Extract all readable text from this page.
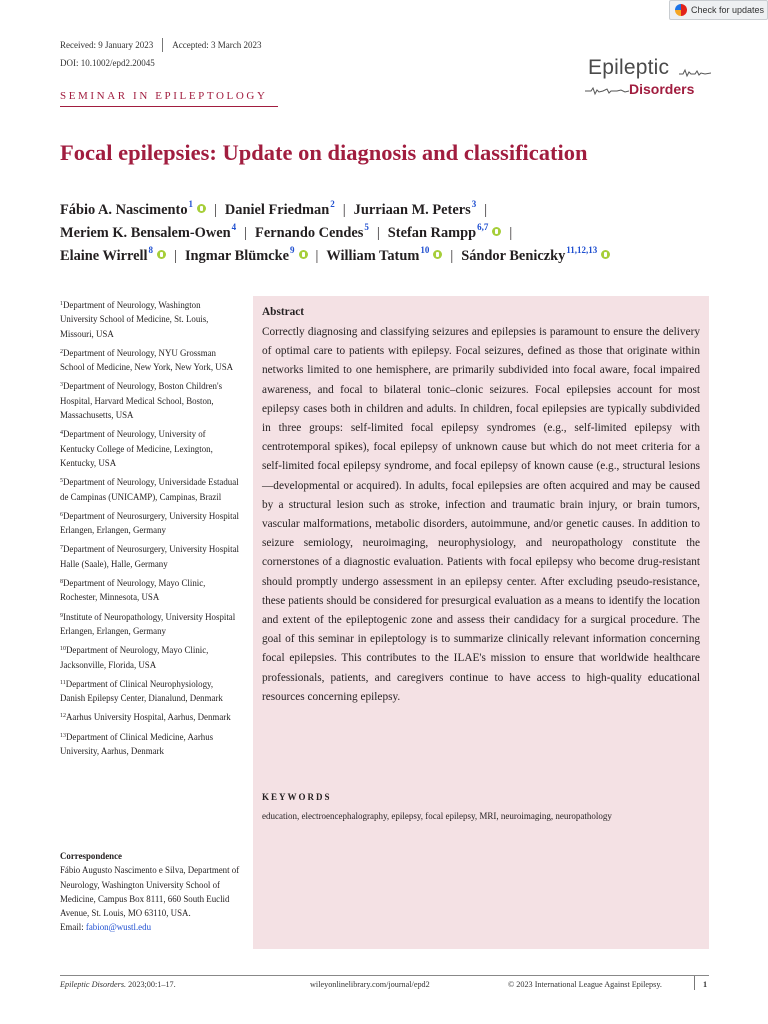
Check for updates
Received: 9 January 2023 Accepted: 3 March 2023
DOI: 10.1002/epd2.20045	Epileptic
Disorders
SEMINAR IN EPILEPTOLOGY
Focal epilepsies: Update on diagnosis and classification
Fábio A. Nascimento$^1$ | Daniel Friedman$^2$ | Jurriaan M. Peters$^3$ |
Meriem K. Bensalem-Owen$^4$ | Fernando Cendes$^5$ | Stefan Rampp$^{6,7}$ |
Elaine Wirrell$^8$ | Ingmar Blümcke$^9$ | William Tatum$^{10}$ | Sándor Beniczky$^{11,12,13}$
$^1$Department of Neurology, Washington University School of Medicine, St. Louis, Missouri, USA
$^2$Department of Neurology, NYU Grossman School of Medicine, New York, New York, USA
$^3$Department of Neurology, Boston Children's Hospital, Harvard Medical School, Boston, Massachusetts, USA
$^4$Department of Neurology, University of Kentucky College of Medicine, Lexington, Kentucky, USA
$^5$Department of Neurology, Universidade Estadual de Campinas (UNICAMP), Campinas, Brazil
$^6$Department of Neurosurgery, University Hospital Erlangen, Erlangen, Germany
$^7$Department of Neurosurgery, University Hospital Halle (Saale), Halle, Germany
$^8$Department of Neurology, Mayo Clinic, Rochester, Minnesota, USA
$^9$Institute of Neuropathology, University Hospital Erlangen, Erlangen, Germany
$^{10}$Department of Neurology, Mayo Clinic, Jacksonville, Florida, USA
$^{11}$Department of Clinical Neurophysiology, Danish Epilepsy Center, Dianalund, Denmark
$^{12}$Aarhus University Hospital, Aarhus, Denmark
$^{13}$Department of Clinical Medicine, Aarhus University, Aarhus, Denmark
Correspondence
Fábio Augusto Nascimento e Silva, Department of Neurology, Washington University School of Medicine, Campus Box 8111, 660 South Euclid Avenue, St. Louis, MO 63110, USA.
Email: fabion@wustl.edu
Abstract
Correctly diagnosing and classifying seizures and epilepsies is paramount to ensure the delivery of optimal care to patients with epilepsy. Focal seizures, defined as those that originate within networks limited to one hemisphere, are primarily subdivided into focal aware, focal impaired awareness, and focal to bilateral tonic–clonic seizures. Focal epilepsies account for most epilepsy cases both in children and adults. In children, focal epilepsies are typically subdivided in three groups: self-limited focal epilepsy syndromes (e.g., self-limited epilepsy with centrotemporal spikes), focal epilepsy of unknown cause but which do not meet criteria for a self-limited focal epilepsy syndrome, and focal epilepsy of known cause (e.g., structural lesions—developmental or acquired). In adults, focal epilepsies are often acquired and may be caused by a structural lesion such as stroke, infection and traumatic brain injury, or brain tumors, vascular malformations, metabolic disorders, autoimmune, and/or genetic causes. In addition to seizure semiology, neuroimaging, neurophysiology, and neuropathology constitute the cornerstones of a diagnostic evaluation. Patients with focal epilepsy who become drug-resistant should promptly undergo assessment in an epilepsy center. After excluding pseudo-resistance, these patients should be considered for presurgical evaluation as a means to identify the location and extent of the epileptogenic zone and assess their candidacy for a surgical procedure. The goal of this seminar in epileptology is to summarize clinically relevant information concerning focal epilepsies. This contributes to the ILAE's mission to ensure that worldwide healthcare professionals, patients, and caregivers continue to have access to high-quality educational resources concerning epilepsy.
KEYWORDS
education, electroencephalography, epilepsy, focal epilepsy, MRI, neuroimaging, neuropathology
Epileptic Disorders. 2023;00:1–17.	wileyonlinelibrary.com/journal/epd2	© 2023 International League Against Epilepsy.	1
